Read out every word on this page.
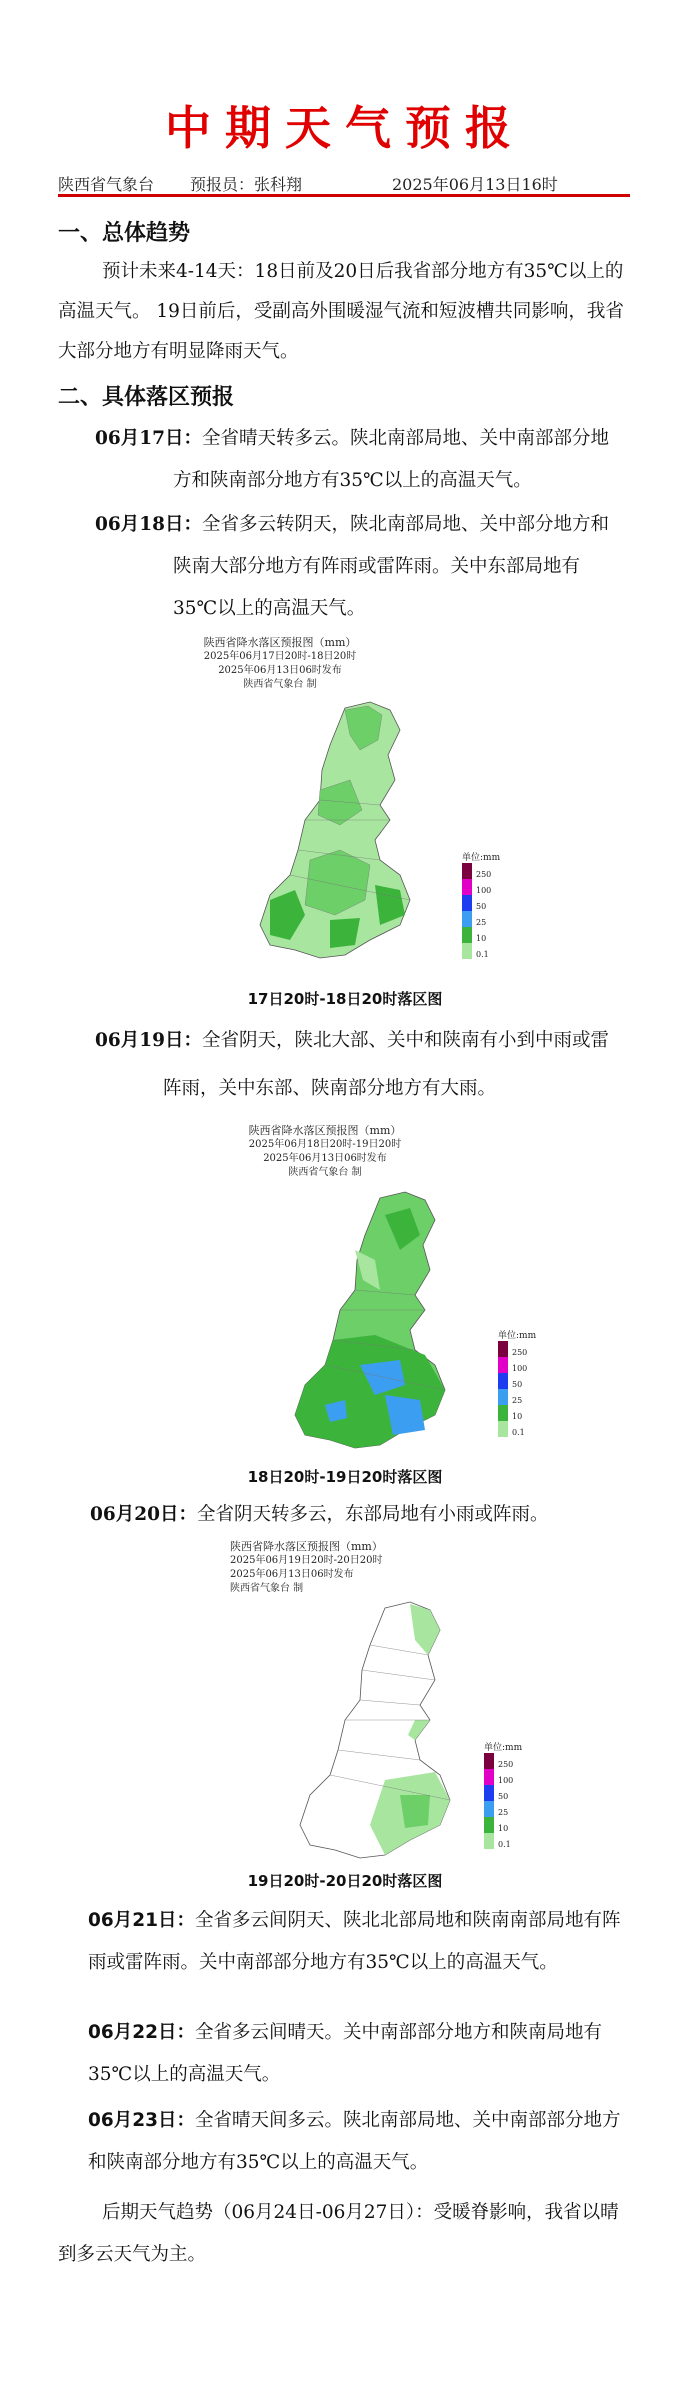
中期天气预报
陕西省气象台 预报员：张科翔	2025年06月13日16时
一、总体趋势
预计未来4-14天：18日前及20日后我省部分地方有35℃以上的高温天气。 19日前后，受副高外围暖湿气流和短波槽共同影响，我省大部分地方有明显降雨天气。
二、具体落区预报
06月17日：全省晴天转多云。陕北南部局地、关中南部部分地
方和陕南部分地方有35℃以上的高温天气。
06月18日：全省多云转阴天，陕北南部局地、关中部分地方和
陕南大部分地方有阵雨或雷阵雨。关中东部局地有
35℃以上的高温天气。
陕西省降水落区预报图（mm）
2025年06月17日20时-18日20时
2025年06月13日06时发布
陕西省气象台 制
单位:mm
250
100
50
25
10
0.1
17日20时-18日20时落区图
06月19日：全省阴天，陕北大部、关中和陕南有小到中雨或雷
阵雨，关中东部、陕南部分地方有大雨。
陕西省降水落区预报图（mm）
2025年06月18日20时-19日20时
2025年06月13日06时发布
陕西省气象台 制
单位:mm
250
100
50
25
10
0.1
18日20时-19日20时落区图
06月20日：全省阴天转多云，东部局地有小雨或阵雨。
陕西省降水落区预报图（mm）
2025年06月19日20时-20日20时
2025年06月13日06时发布
陕西省气象台 制
单位:mm
250
100
50
25
10
0.1
19日20时-20日20时落区图
06月21日：全省多云间阴天、陕北北部局地和陕南南部局地有阵雨或雷阵雨。关中南部部分地方有35℃以上的高温天气。
06月22日：全省多云间晴天。关中南部部分地方和陕南局地有35℃以上的高温天气。
06月23日：全省晴天间多云。陕北南部局地、关中南部部分地方和陕南部分地方有35℃以上的高温天气。
后期天气趋势（06月24日-06月27日）：受暖脊影响，我省以晴到多云天气为主。
